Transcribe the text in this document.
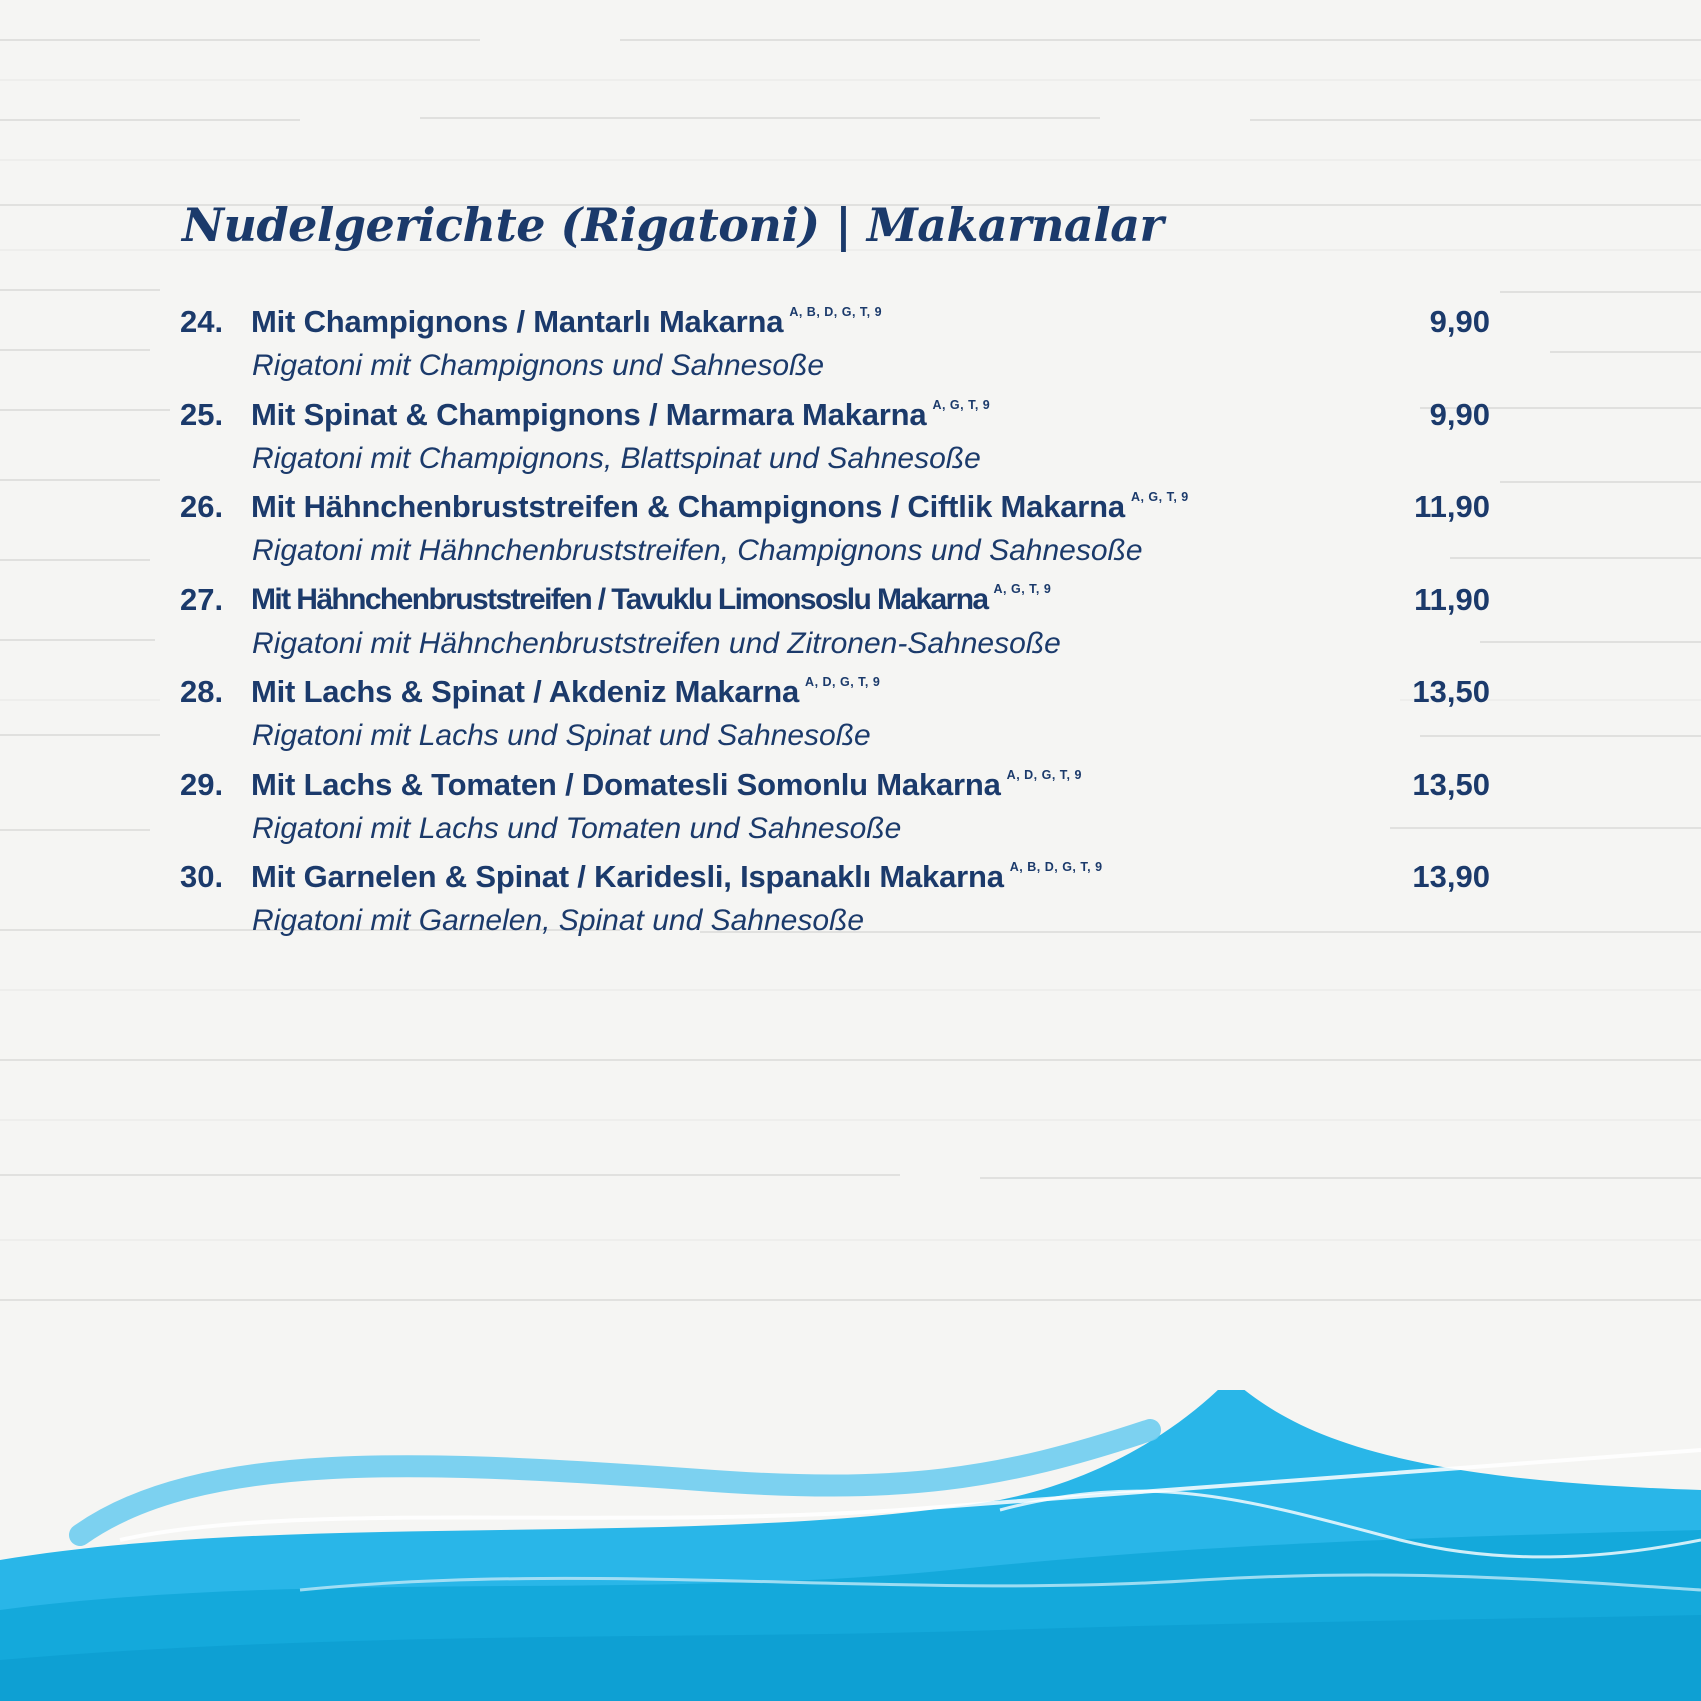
Nudelgerichte (Rigatoni) | Makarnalar
24. Mit Champignons / Mantarlı Makarna $^{A, B, D, G, T, 9}$
Rigatoni mit Champignons und Sahnesoße
9,90
25. Mit Spinat & Champignons / Marmara Makarna $^{A, G, T, 9}$
Rigatoni mit Champignons, Blattspinat und Sahnesoße
9,90
26. Mit Hähnchenbruststreifen & Champignons / Ciftlik Makarna $^{A, G, T, 9}$
Rigatoni mit Hähnchenbruststreifen, Champignons und Sahnesoße
11,90
27. Mit Hähnchenbruststreifen / Tavuklu Limonsoslu Makarna $^{A, G, T, 9}$
Rigatoni mit Hähnchenbruststreifen und Zitronen-Sahnesoße
11,90
28. Mit Lachs & Spinat / Akdeniz Makarna $^{A, D, G, T, 9}$
Rigatoni mit Lachs und Spinat und Sahnesoße
13,50
29. Mit Lachs & Tomaten / Domatesli Somonlu Makarna $^{A, D, G, T, 9}$
Rigatoni mit Lachs und Tomaten und Sahnesoße
13,50
30. Mit Garnelen & Spinat / Karidesli, Ispanaklı Makarna $^{A, B, D, G, T, 9}$
Rigatoni mit Garnelen, Spinat und Sahnesoße
13,90
